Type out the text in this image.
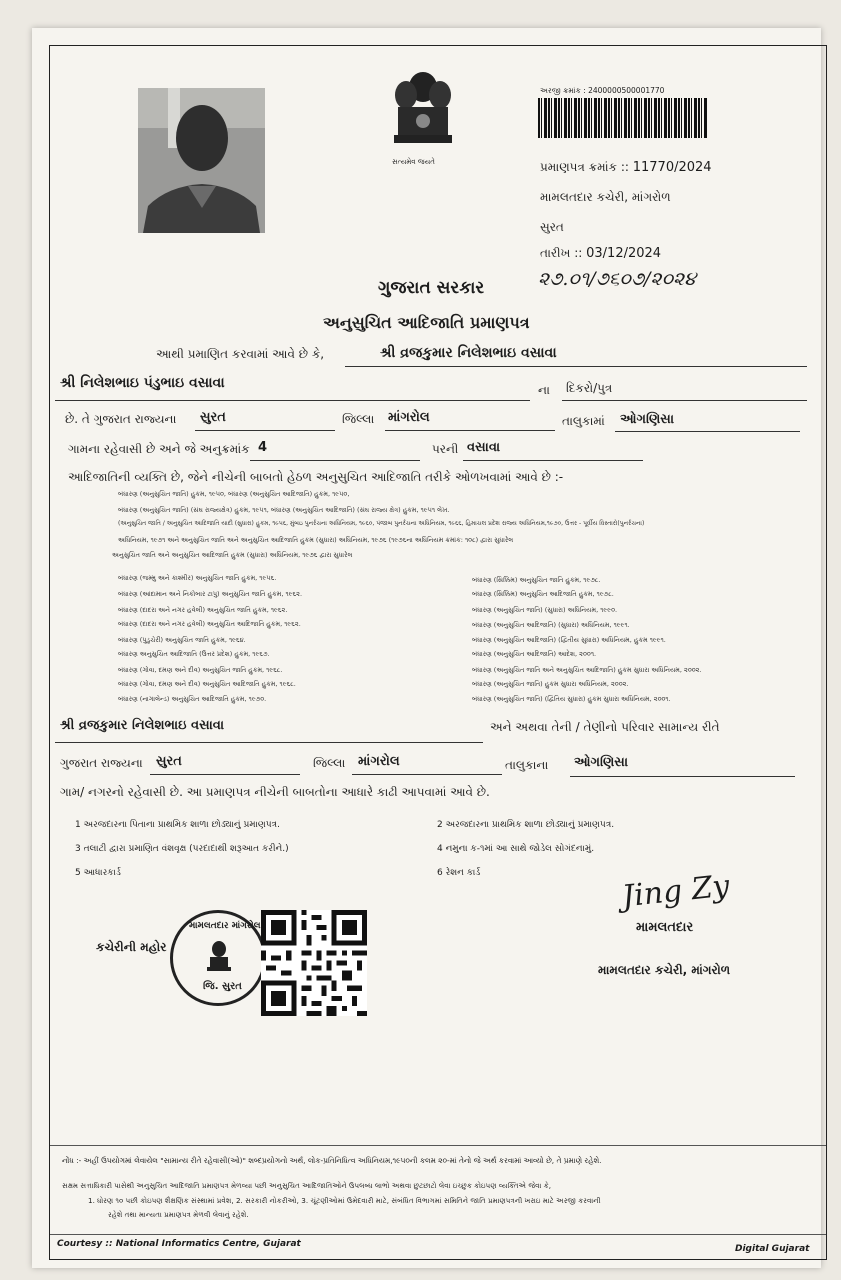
સત્યમેવ જયતે
અરજી ક્રમાંક : 2400000500001770
પ્રમાણપત્ર ક્રમાંક :: 11770/2024
મામલતદાર કચેરી, માંગરોળ
સુરત
તારીખ :: 03/12/2024
૨૭.૦૧/૭૬૦૭/૨૦૨૪
ગુજરાત સરકાર
અનુસુચિત આદિજાતિ પ્રમાણપત્ર
આથી પ્રમાણિત કરવામાં આવે છે કે,	શ્રી વ્રજકુમાર નિલેશભાઇ વસાવા
શ્રી નિલેશભાઇ પંડુભાઇ વસાવા	ના દિકરો/પુત્ર
છે. તે ગુજરાત રાજ્યના સુરત	જિલ્લા માંગરોલ	તાલુકામાં ઓગણિસા
ગામના રહેવાસી છે અને જે અનુક્રમાંક 4	પરની વસાવા
આદિજાતિની વ્યક્તિ છે, જેને નીચેની બાબતો હેઠળ અનુસુચિત આદિજાતિ તરીકે ઓળખવામાં આવે છે :-
બંધારણ (અનુસુચિત જાતિ) હુકમ, ૧૯૫૦, બંધારણ (અનુસુચિત આદિજાતિ) હુકમ, ૧૯૫૦,
બંધારણ (અનુસુચિત જાતિ) (સંઘ રાજ્યક્ષેત્ર) હુકમ, ૧૯૫૧, બંધારણ (અનુસુચિત આદિજાતિ) (સંઘ રાજ્ય ક્ષેત્ર) હુકમ, ૧૯૫૧ લેખ.
(અનુસુચિત જાતિ / અનુસુચિત આદિજાતિ યાદી (સુધારા) હુકમ, ૧૯૫૬, મુંબઇ પુનર્રચના અધિનિયમ, ૧૯૬૦, પંજાબ પુનર્રચના અધિનિયમ, ૧૯૬૬, હિમાચલ પ્રદેશ રાજ્ય અધિનિયમ,૧૯૭૦, ઉત્તર - પૂર્વીય વિસ્તારો(પુનર્રચના)
અધિનિયમ, ૧૯૭૧ અને અનુસુચિત જાતિ અને અનુસુચિત આદિજાતિ હુકમ (સુધારા) અધિનિયમ, ૧૯૭૬ (૧૯૭૬ના અધિનિયમ ક્રમાંક: ૧૦૮) દ્વારા સુધારેલ
અનુસુચિત જાતિ અને અનુસુચિત આદિજાતિ હુકમ (સુધારા) અધિનિયમ, ૧૯૭૬ દ્વારા સુધારેલ
બંધારણ (જમ્મુ અને કાશ્મીર) અનુસુચિત જાતિ હુકમ, ૧૯૫૬.
બંધારણ (આંદામાન અને નિકોબાર ટાપુ) અનુસુચિત જાતિ હુકમ, ૧૯૬૨.
બંધારણ (દાદરા અને નગર હવેલી) અનુસુચિત જાતિ હુકમ, ૧૯૬૨.
બંધારણ (દાદરા અને નગર હવેલી) અનુસુચિત આદિજાતિ હુકમ, ૧૯૬૨.
બંધારણ (પુડુચેરી) અનુસુચિત જાતિ હુકમ, ૧૯૬૪.
બંધારણ અનુસુચિત આદિજાતિ (ઉત્તર પ્રદેશ) હુકમ, ૧૯૬૭.
બંધારણ (ગોવા, દમણ અને દીવ) અનુસુચિત જાતિ હુકમ, ૧૯૬૮.
બંધારણ (ગોવા, દમણ અને દીવ) અનુસુચિત આદિજાતિ હુકમ, ૧૯૬૮.
બંધારણ (નાગાલેન્ડ) અનુસુચિત આદિજાતિ હુકમ, ૧૯૭૦.
બંધારણ (સિક્કિમ) અનુસુચિત જાતિ હુકમ, ૧૯૭૮.
બંધારણ (સિક્કિમ) અનુસુચિત આદિજાતિ હુકમ, ૧૯૭૮.
બંધારણ (અનુસુચિત જાતિ) (સુધારા) અધિનિયમ, ૧૯૯૦.
બંધારણ (અનુસુચિત આદિજાતિ) (સુધારા) અધિનિયમ, ૧૯૯૧.
બંધારણ (અનુસુચિત આદિજાતિ) (દ્વિતીય સુધારા) અધિનિયમ, હુકમ ૧૯૯૧.
બંધારણ (અનુસુચિત આદિજાતિ) આદેશ, ૨૦૦૧.
બંધારણ (અનુસુચિત જાતિ અને અનુસુચિત આદિજાતિ) હુકમ સુધારા અધિનિયમ, ૨૦૦૨.
બંધારણ (અનુસુચિત જાતિ) હુકમ સુધારા અધિનિયમ, ૨૦૦૨.
બંધારણ (અનુસુચિત જાતિ) (દ્વિતિય સુધારા) હુકમ સુધારા અધિનિયમ, ૨૦૦૧.
શ્રી વ્રજકુમાર નિલેશભાઇ વસાવા	અને અથવા તેની / તેણીનો પરિવાર સામાન્ય રીતે
ગુજરાત રાજ્યના સુરત	જિલ્લા માંગરોલ	તાલુકાના ઓગણિસા
ગામ/ નગરનો રહેવાસી છે. આ પ્રમાણપત્ર નીચેની બાબતોના આધારે કાઢી આપવામાં આવે છે.
1 અરજદારના પિતાના પ્રાથમિક શાળા છોડ્યાનું પ્રમાણપત્ર.	2 અરજદારના પ્રાથમિક શાળા છોડ્યાનું પ્રમાણપત્ર.
3 તલાટી દ્વારા પ્રમાણિત વંશવૃક્ષ (પરદાદાથી શરૂઆત કરીને.)	4 નમુના ક-૧માં આ સાથે જોડેલ સોગંદનામું.
5 આધારકાર્ડ	6 રેશન કાર્ડ
કચેરીની મહોર
મામલતદાર માંગરોલ
જિ. સુરત
Jing Zy
મામલતદાર
મામલતદાર કચેરી, માંગરોળ
નોંધ :- અહીં ઉપયોગમાં લેવાયેલ "સામાન્ય રીતે રહેવાસી(ઓ)" શબ્દપ્રયોગનો અર્થ, લોક-પ્રતિનિધિત્વ અધિનિયમ,૧૯૫૦ની કલમ ૨૦-માં તેનો જે અર્થ કરવામાં આવ્યો છે, તે પ્રમાણે રહેશે.
સક્ષમ સત્તાધિકારી પાસેથી અનુસુચિત આદિજાતિ પ્રમાણપત્ર મેળવ્યા પછી અનુસુચિત આદિજાતિઓને ઉપલબ્ધ લાભો અથવા છુટછાટો લેવા ઇચ્છુક કોઇપણ વ્યક્તિએ જેવા કે,
1. ધોરણ ૧૦ પછી કોઇપણ શૈક્ષણિક સંસ્થામાં પ્રવેશ, 2. સરકારી નોકરીઓ, 3. ચૂંટણીઓમાં ઉમેદવારી માટે, સંબંધિત વિભાગમાં સમિતિને જાતિ પ્રમાણપત્રની ખરાઇ માટે અરજી કરવાની
રહેશે તથા માન્યતા પ્રમાણપત્ર મેળવી લેવાનું રહેશે.
Courtesy :: National Informatics Centre, Gujarat	Digital Gujarat
